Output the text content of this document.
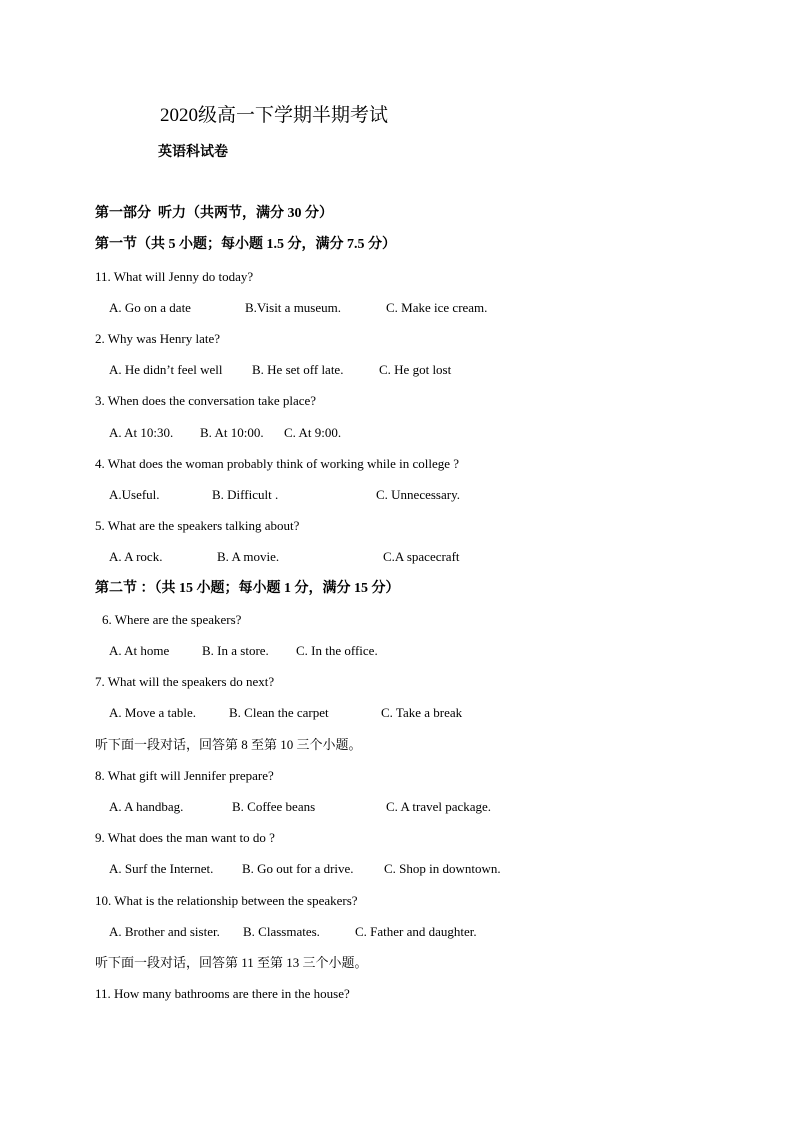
2020级高一下学期半期考试
英语科试卷
第一部分  听力（共两节，满分 30 分）
第一节（共 5 小题；每小题 1.5 分，满分 7.5 分）
11. What will Jenny do today?
A. Go on a date	B.Visit a museum.	C. Make ice cream.
2. Why was Henry late?
A. He didn’t feel well B. He set off late.	C. He got lost
3. When does the conversation take place?
A. At 10:30. B. At 10:00. C. At 9:00.
4. What does the woman probably think of working while in college ?
A.Useful.	B. Difficult .	C. Unnecessary.
5. What are the speakers talking about?
A. A rock.	B. A movie.	C.A spacecraft
第二节 ：（共 15 小题；每小题 1 分，满分 15 分）
6. Where are the speakers?
A. At home	B. In a store. C. In the office.
7. What will the speakers do next?
A. Move a table.	B. Clean the carpet	C. Take a break
听下面一段对话，回答第 8 至第 10 三个小题。
8. What gift will Jennifer prepare?
A. A handbag.	B. Coffee beans	C. A travel package.
9. What does the man want to do ?
A. Surf the Internet. B. Go out for a drive. C. Shop in downtown.
10. What is the relationship between the speakers?
A. Brother and sister. B. Classmates.	C. Father and daughter.
听下面一段对话，回答第 11 至第 13 三个小题。
11. How many bathrooms are there in the house?
